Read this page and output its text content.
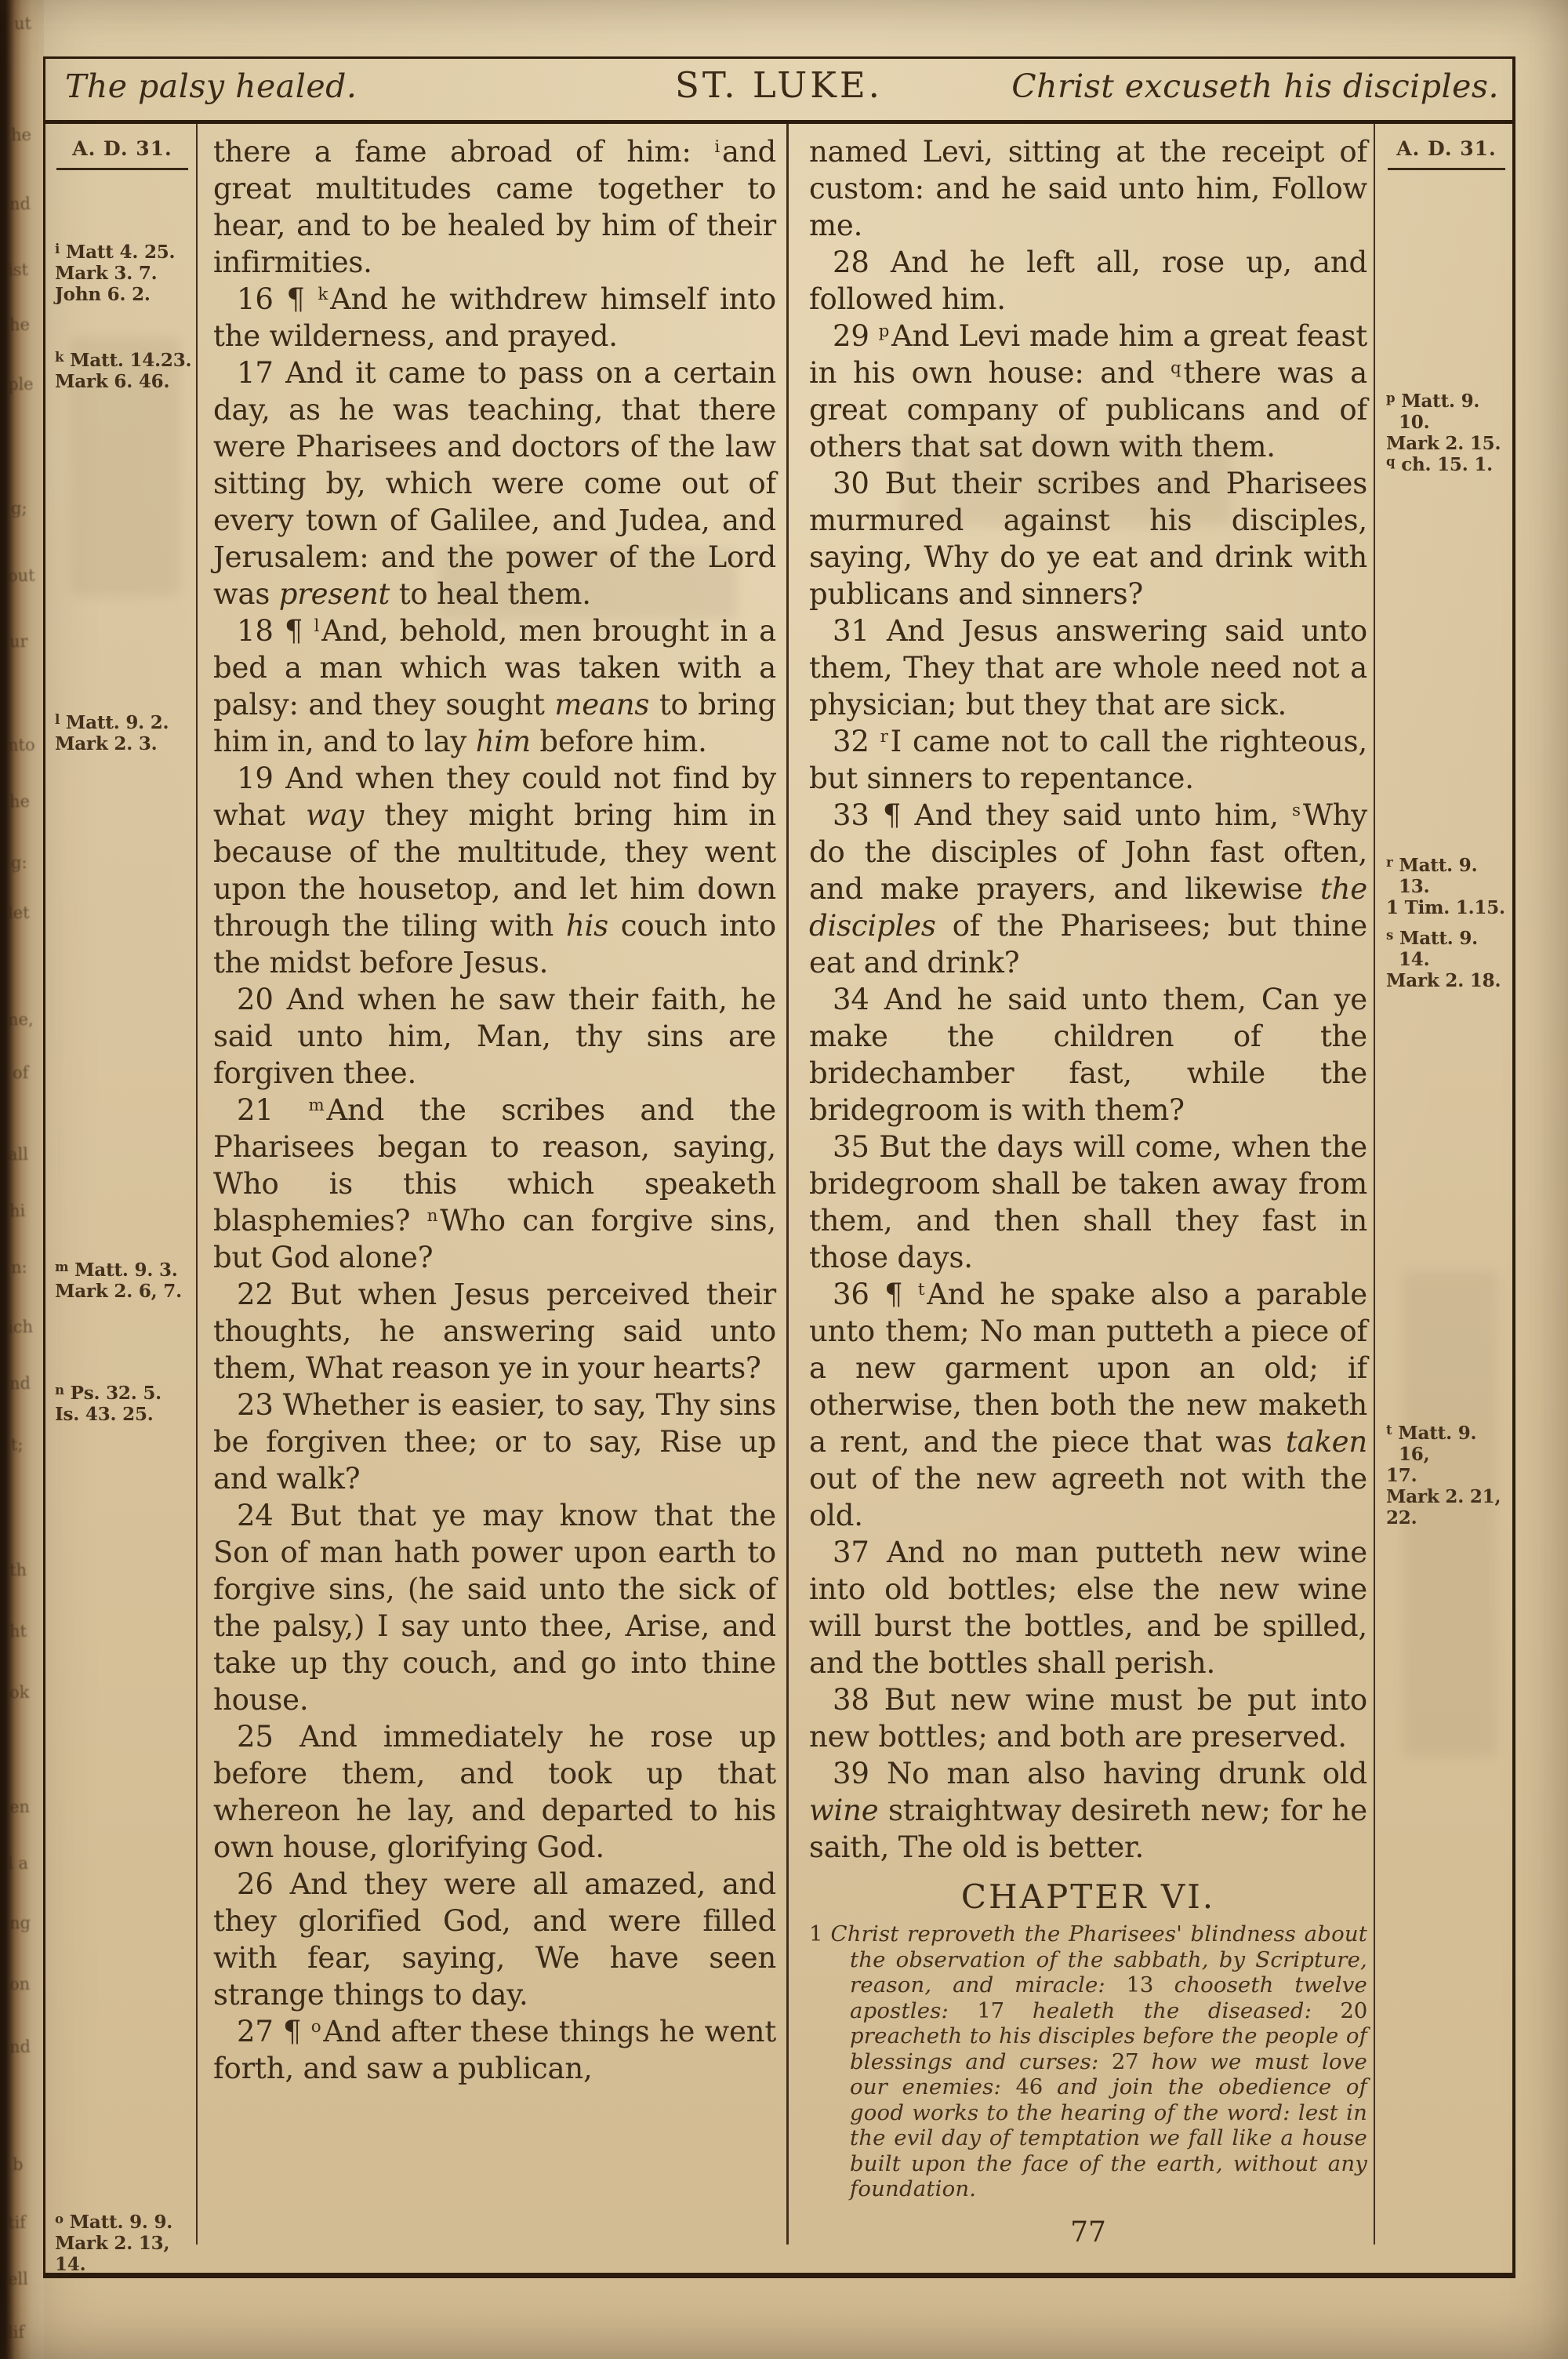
ut
he
nd
ist
he
ple
g;
out
ur
nto
he
g:
let
ne,
of
all
hi
n:
ich
nd
t;
th
ht
ok
en
l a
ng
on
nd
b
tif
ell
lif
The palsy healed.	ST. LUKE.	Christ excuseth his disciples.
A. D. 31.
$^i$ Matt 4. 25.
Mark 3. 7.
John 6. 2.
$^k$ Matt. 14.23.
Mark 6. 46.
$^l$ Matt. 9. 2.
Mark 2. 3.
$^m$ Matt. 9. 3.
Mark 2. 6, 7.
$^n$ Ps. 32. 5.
Is. 43. 25.
$^o$ Matt. 9. 9.
Mark 2. 13,
14.
A. D. 31.
$^p$ Matt. 9. 10.
Mark 2. 15.
$^q$ ch. 15. 1.
$^r$ Matt. 9. 13.
1 Tim. 1.15.
$^s$ Matt. 9. 14.
Mark 2. 18.
$^t$ Matt. 9. 16,
17.
Mark 2. 21,
22.

there a fame abroad of him: $^i$and great multitudes came together to hear, and to be healed by him of their infirmities.

16 ¶ $^k$And he withdrew himself into the wilderness, and prayed.

17 And it came to pass on a certain day, as he was teaching, that there were Pharisees and doctors of the law sitting by, which were come out of every town of Galilee, and Judea, and Jerusalem: and the power of the Lord was present to heal them.

18 ¶ $^l$And, behold, men brought in a bed a man which was taken with a palsy: and they sought means to bring him in, and to lay him before him.

19 And when they could not find by what way they might bring him in because of the multitude, they went upon the housetop, and let him down through the tiling with his couch into the midst before Jesus.

20 And when he saw their faith, he said unto him, Man, thy sins are forgiven thee.

21 $^m$And the scribes and the Pharisees began to reason, saying, Who is this which speaketh blasphemies? $^n$Who can forgive sins, but God alone?

22 But when Jesus perceived their thoughts, he answering said unto them, What reason ye in your hearts?

23 Whether is easier, to say, Thy sins be forgiven thee; or to say, Rise up and walk?

24 But that ye may know that the Son of man hath power upon earth to forgive sins, (he said unto the sick of the palsy,) I say unto thee, Arise, and take up thy couch, and go into thine house.

25 And immediately he rose up before them, and took up that whereon he lay, and departed to his own house, glorifying God.

26 And they were all amazed, and they glorified God, and were filled with fear, saying, We have seen strange things to day.

27 ¶ $^o$And after these things he went forth, and saw a publican,

named Levi, sitting at the receipt of custom: and he said unto him, Follow me.

28 And he left all, rose up, and followed him.

29 $^p$And Levi made him a great feast in his own house: and $^q$there was a great company of publicans and of others that sat down with them.

30 But their scribes and Pharisees murmured against his disciples, saying, Why do ye eat and drink with publicans and sinners?

31 And Jesus answering said unto them, They that are whole need not a physician; but they that are sick.

32 $^r$I came not to call the righteous, but sinners to repentance.

33 ¶ And they said unto him, $^s$Why do the disciples of John fast often, and make prayers, and likewise the disciples of the Pharisees; but thine eat and drink?

34 And he said unto them, Can ye make the children of the bridechamber fast, while the bridegroom is with them?

35 But the days will come, when the bridegroom shall be taken away from them, and then shall they fast in those days.

36 ¶ $^t$And he spake also a parable unto them; No man putteth a piece of a new garment upon an old; if otherwise, then both the new maketh a rent, and the piece that was taken out of the new agreeth not with the old.

37 And no man putteth new wine into old bottles; else the new wine will burst the bottles, and be spilled, and the bottles shall perish.

38 But new wine must be put into new bottles; and both are preserved.

39 No man also having drunk old wine straightway desireth new; for he saith, The old is better.

CHAPTER VI.

1 Christ reproveth the Pharisees' blindness about the observation of the sabbath, by Scripture, reason, and miracle: 13 chooseth twelve apostles: 17 healeth the diseased: 20 preacheth to his disciples before the people of blessings and curses: 27 how we must love our enemies: 46 and join the obedience of good works to the hearing of the word: lest in the evil day of temptation we fall like a house built upon the face of the earth, without any foundation.

77
